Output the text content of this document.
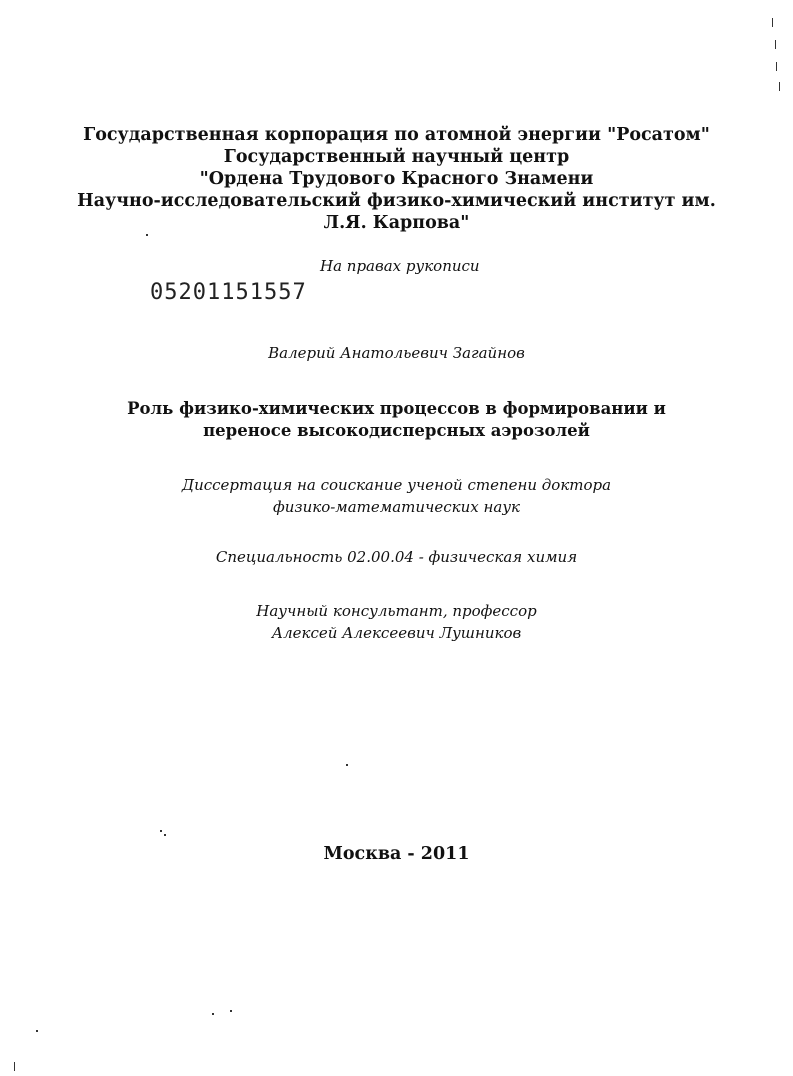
Государственная корпорация по атомной энергии "Росатом"
Государственный научный центр
"Ордена Трудового Красного Знамени
Научно-исследовательский физико-химический институт им.
Л.Я. Карпова"
На правах рукописи
05201151557
Валерий Анатольевич Загайнов
Роль физико-химических процессов в формировании и
переносе высокодисперсных аэрозолей
Диссертация на соискание ученой степени доктора
физико-математических наук
Специальность 02.00.04 - физическая химия
Научный консультант, профессор
Алексей Алексеевич Лушников
Москва - 2011
